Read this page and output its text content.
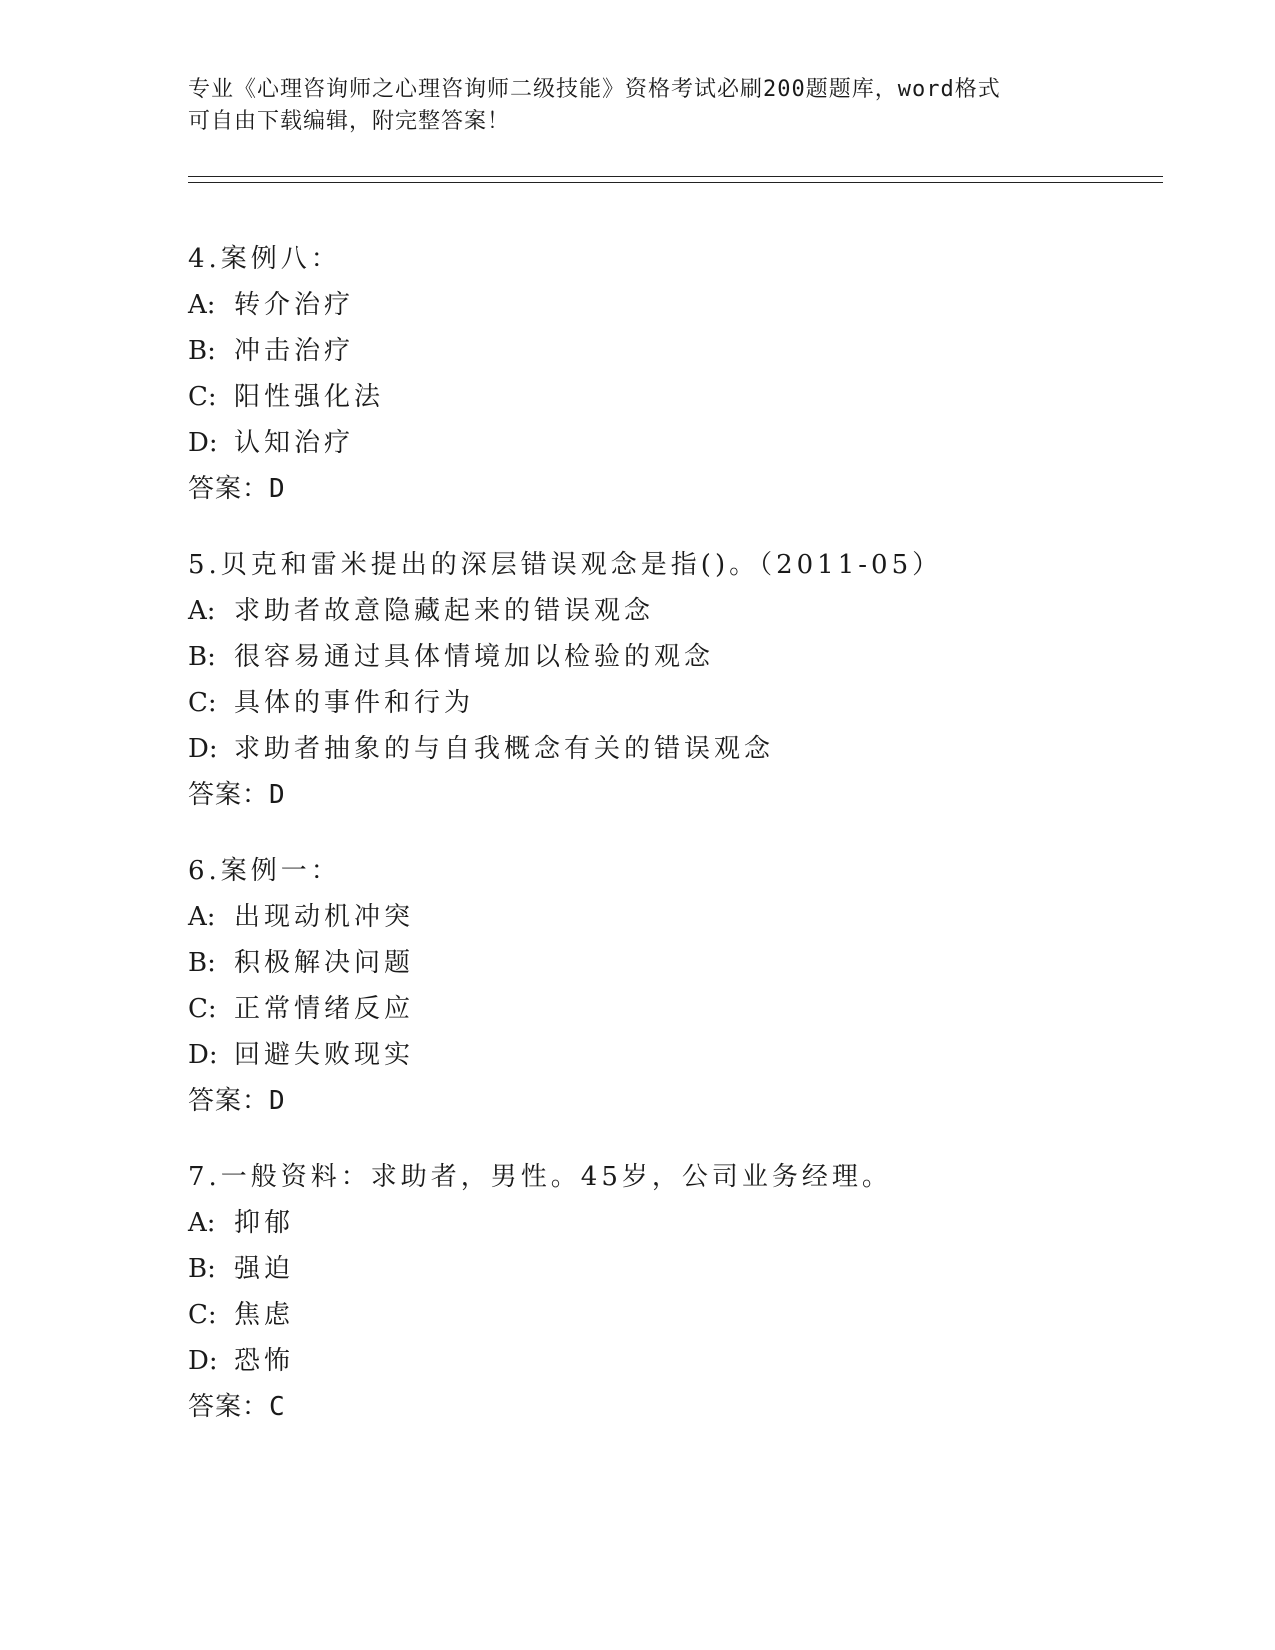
专业《心理咨询师之心理咨询师二级技能》资格考试必刷200题题库，word格式
可自由下载编辑，附完整答案！
4.案例八：
A: 转介治疗
B: 冲击治疗
C: 阳性强化法
D: 认知治疗
答案：D
5.贝克和雷米提出的深层错误观念是指()。（2011-05）
A: 求助者故意隐藏起来的错误观念
B: 很容易通过具体情境加以检验的观念
C: 具体的事件和行为
D: 求助者抽象的与自我概念有关的错误观念
答案：D
6.案例一：
A: 出现动机冲突
B: 积极解决问题
C: 正常情绪反应
D: 回避失败现实
答案：D
7.一般资料：求助者，男性。45岁，公司业务经理。
A: 抑郁
B: 强迫
C: 焦虑
D: 恐怖
答案：C
